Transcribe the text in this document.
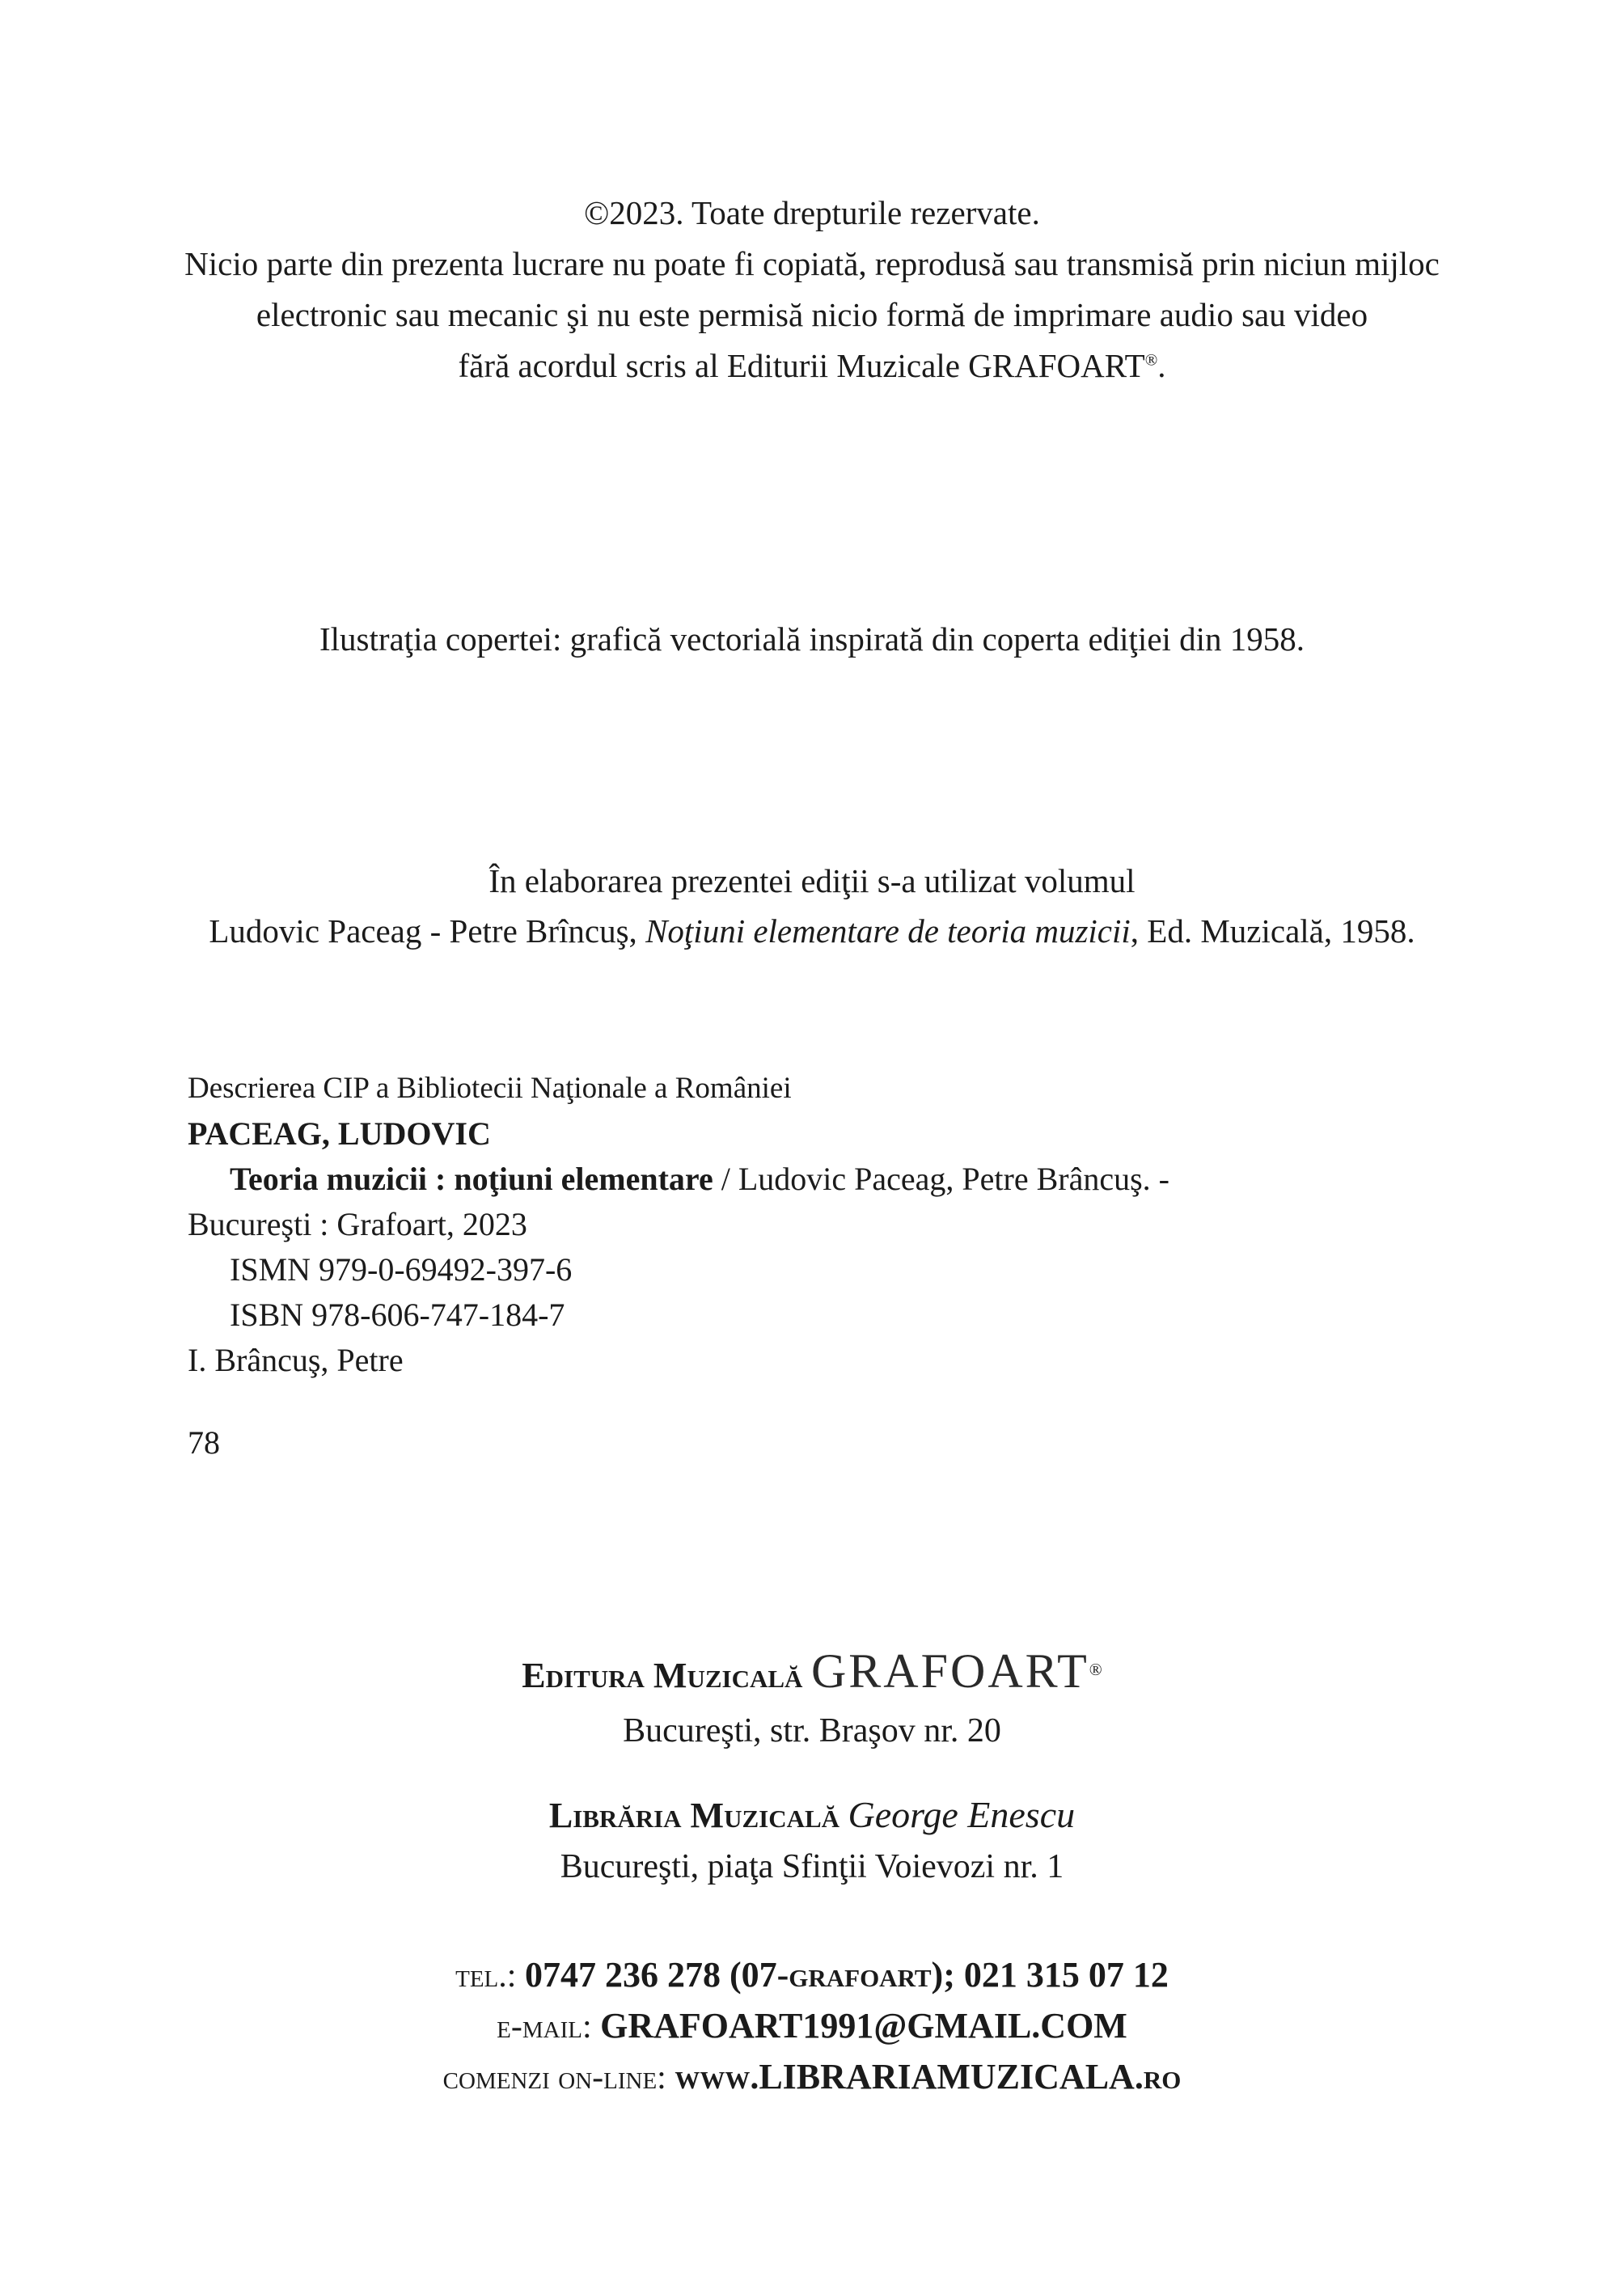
©2023. Toate drepturile rezervate.
Nicio parte din prezenta lucrare nu poate fi copiată, reprodusă sau transmisă prin niciun mijloc
electronic sau mecanic şi nu este permisă nicio formă de imprimare audio sau video
fără acordul scris al Editurii Muzicale GRAFOART®.
Ilustraţia copertei: grafică vectorială inspirată din coperta ediţiei din 1958.
În elaborarea prezentei ediţii s-a utilizat volumul
Ludovic Paceag - Petre Brîncuş, Noţiuni elementare de teoria muzicii, Ed. Muzicală, 1958.
Descrierea CIP a Bibliotecii Naţionale a României
PACEAG, LUDOVIC
Teoria muzicii : noţiuni elementare / Ludovic Paceag, Petre Brâncuş. -
Bucureşti : Grafoart, 2023
ISMN 979-0-69492-397-6
ISBN 978-606-747-184-7
I. Brâncuş, Petre
78
Editura Muzicală GRAFOART®
Bucureşti, str. Braşov nr. 20
Librăria Muzicală George Enescu
Bucureşti, piaţa Sfinţii Voievozi nr. 1
tel.: 0747 236 278 (07-grafoart); 021 315 07 12
e-mail: GRAFOART1991@GMAIL.COM
comenzi on-line: www.LIBRARIAMUZICALA.ro
